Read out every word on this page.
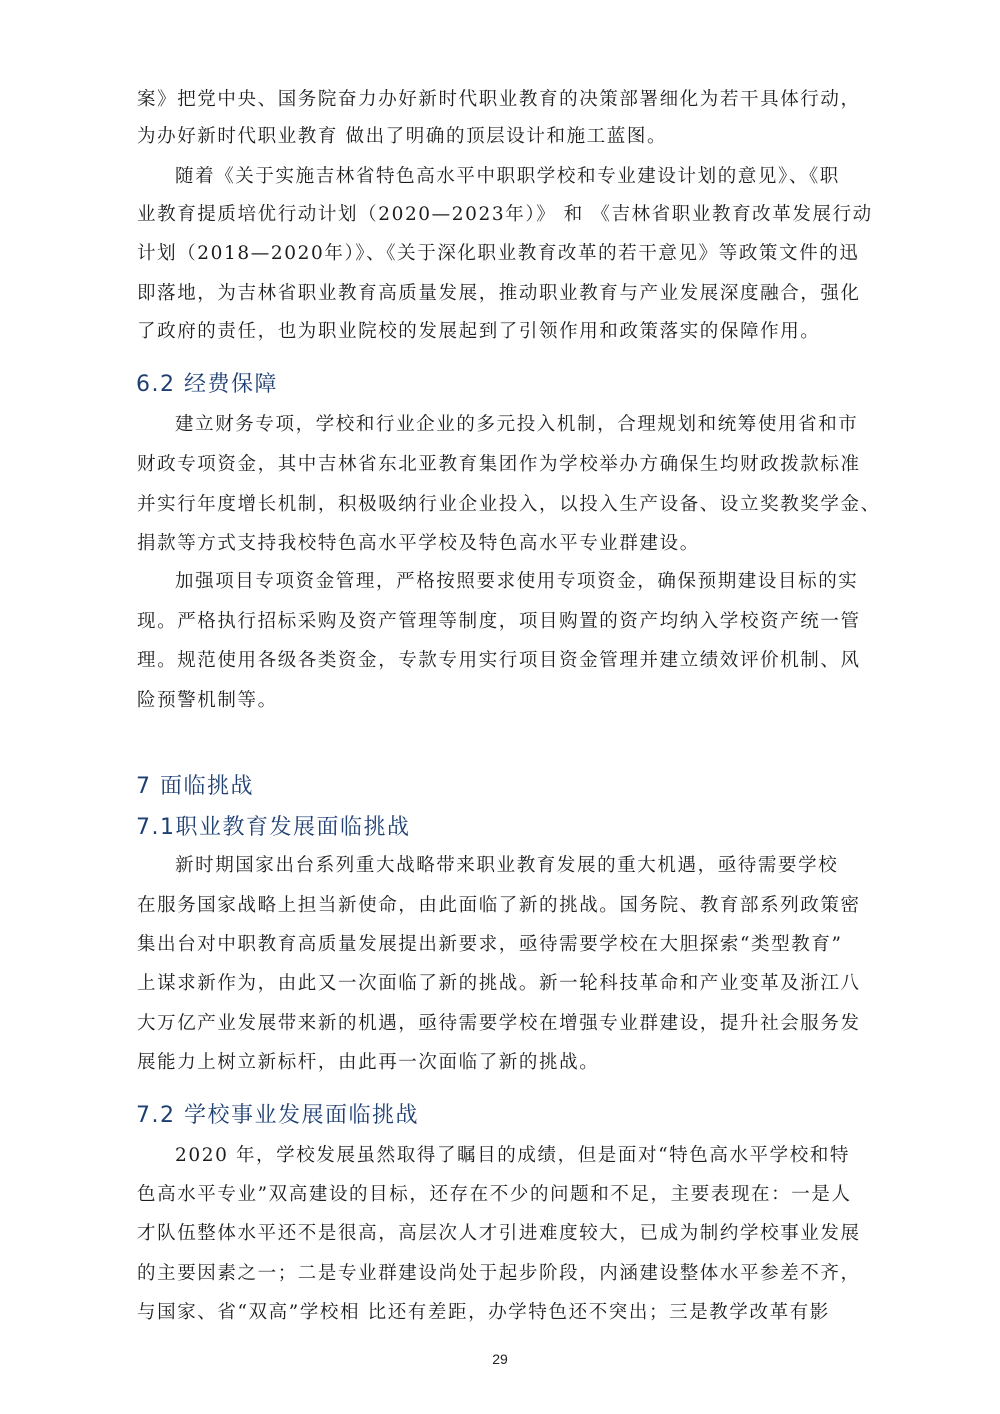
案》把党中央、国务院奋力办好新时代职业教育的决策部署细化为若干具体行动，
为办好新时代职业教育 做出了明确的顶层设计和施工蓝图。
随着《关于实施吉林省特色高水平中职职学校和专业建设计划的意见》、《职
业教育提质培优行动计划（2020—2023年）》 和 《吉林省职业教育改革发展行动
计划（2018—2020年）》、《关于深化职业教育改革的若干意见》等政策文件的迅
即落地，为吉林省职业教育高质量发展，推动职业教育与产业发展深度融合，强化
了政府的责任，也为职业院校的发展起到了引领作用和政策落实的保障作用。
6.2 经费保障
建立财务专项，学校和行业企业的多元投入机制，合理规划和统筹使用省和市
财政专项资金，其中吉林省东北亚教育集团作为学校举办方确保生均财政拨款标准
并实行年度增长机制，积极吸纳行业企业投入，以投入生产设备、设立奖教奖学金、
捐款等方式支持我校特色高水平学校及特色高水平专业群建设。
加强项目专项资金管理，严格按照要求使用专项资金，确保预期建设目标的实
现。严格执行招标采购及资产管理等制度，项目购置的资产均纳入学校资产统一管
理。规范使用各级各类资金，专款专用实行项目资金管理并建立绩效评价机制、风
险预警机制等。
7 面临挑战
7.1职业教育发展面临挑战
新时期国家出台系列重大战略带来职业教育发展的重大机遇，亟待需要学校
在服务国家战略上担当新使命，由此面临了新的挑战。国务院、教育部系列政策密
集出台对中职教育高质量发展提出新要求，亟待需要学校在大胆探索“类型教育”
上谋求新作为，由此又一次面临了新的挑战。新一轮科技革命和产业变革及浙江八
大万亿产业发展带来新的机遇，亟待需要学校在增强专业群建设，提升社会服务发
展能力上树立新标杆，由此再一次面临了新的挑战。
7.2 学校事业发展面临挑战
2020 年，学校发展虽然取得了瞩目的成绩，但是面对“特色高水平学校和特
色高水平专业”双高建设的目标，还存在不少的问题和不足，主要表现在：一是人
才队伍整体水平还不是很高，高层次人才引进难度较大，已成为制约学校事业发展
的主要因素之一；二是专业群建设尚处于起步阶段，内涵建设整体水平参差不齐，
与国家、省“双高”学校相 比还有差距，办学特色还不突出；三是教学改革有影
29
